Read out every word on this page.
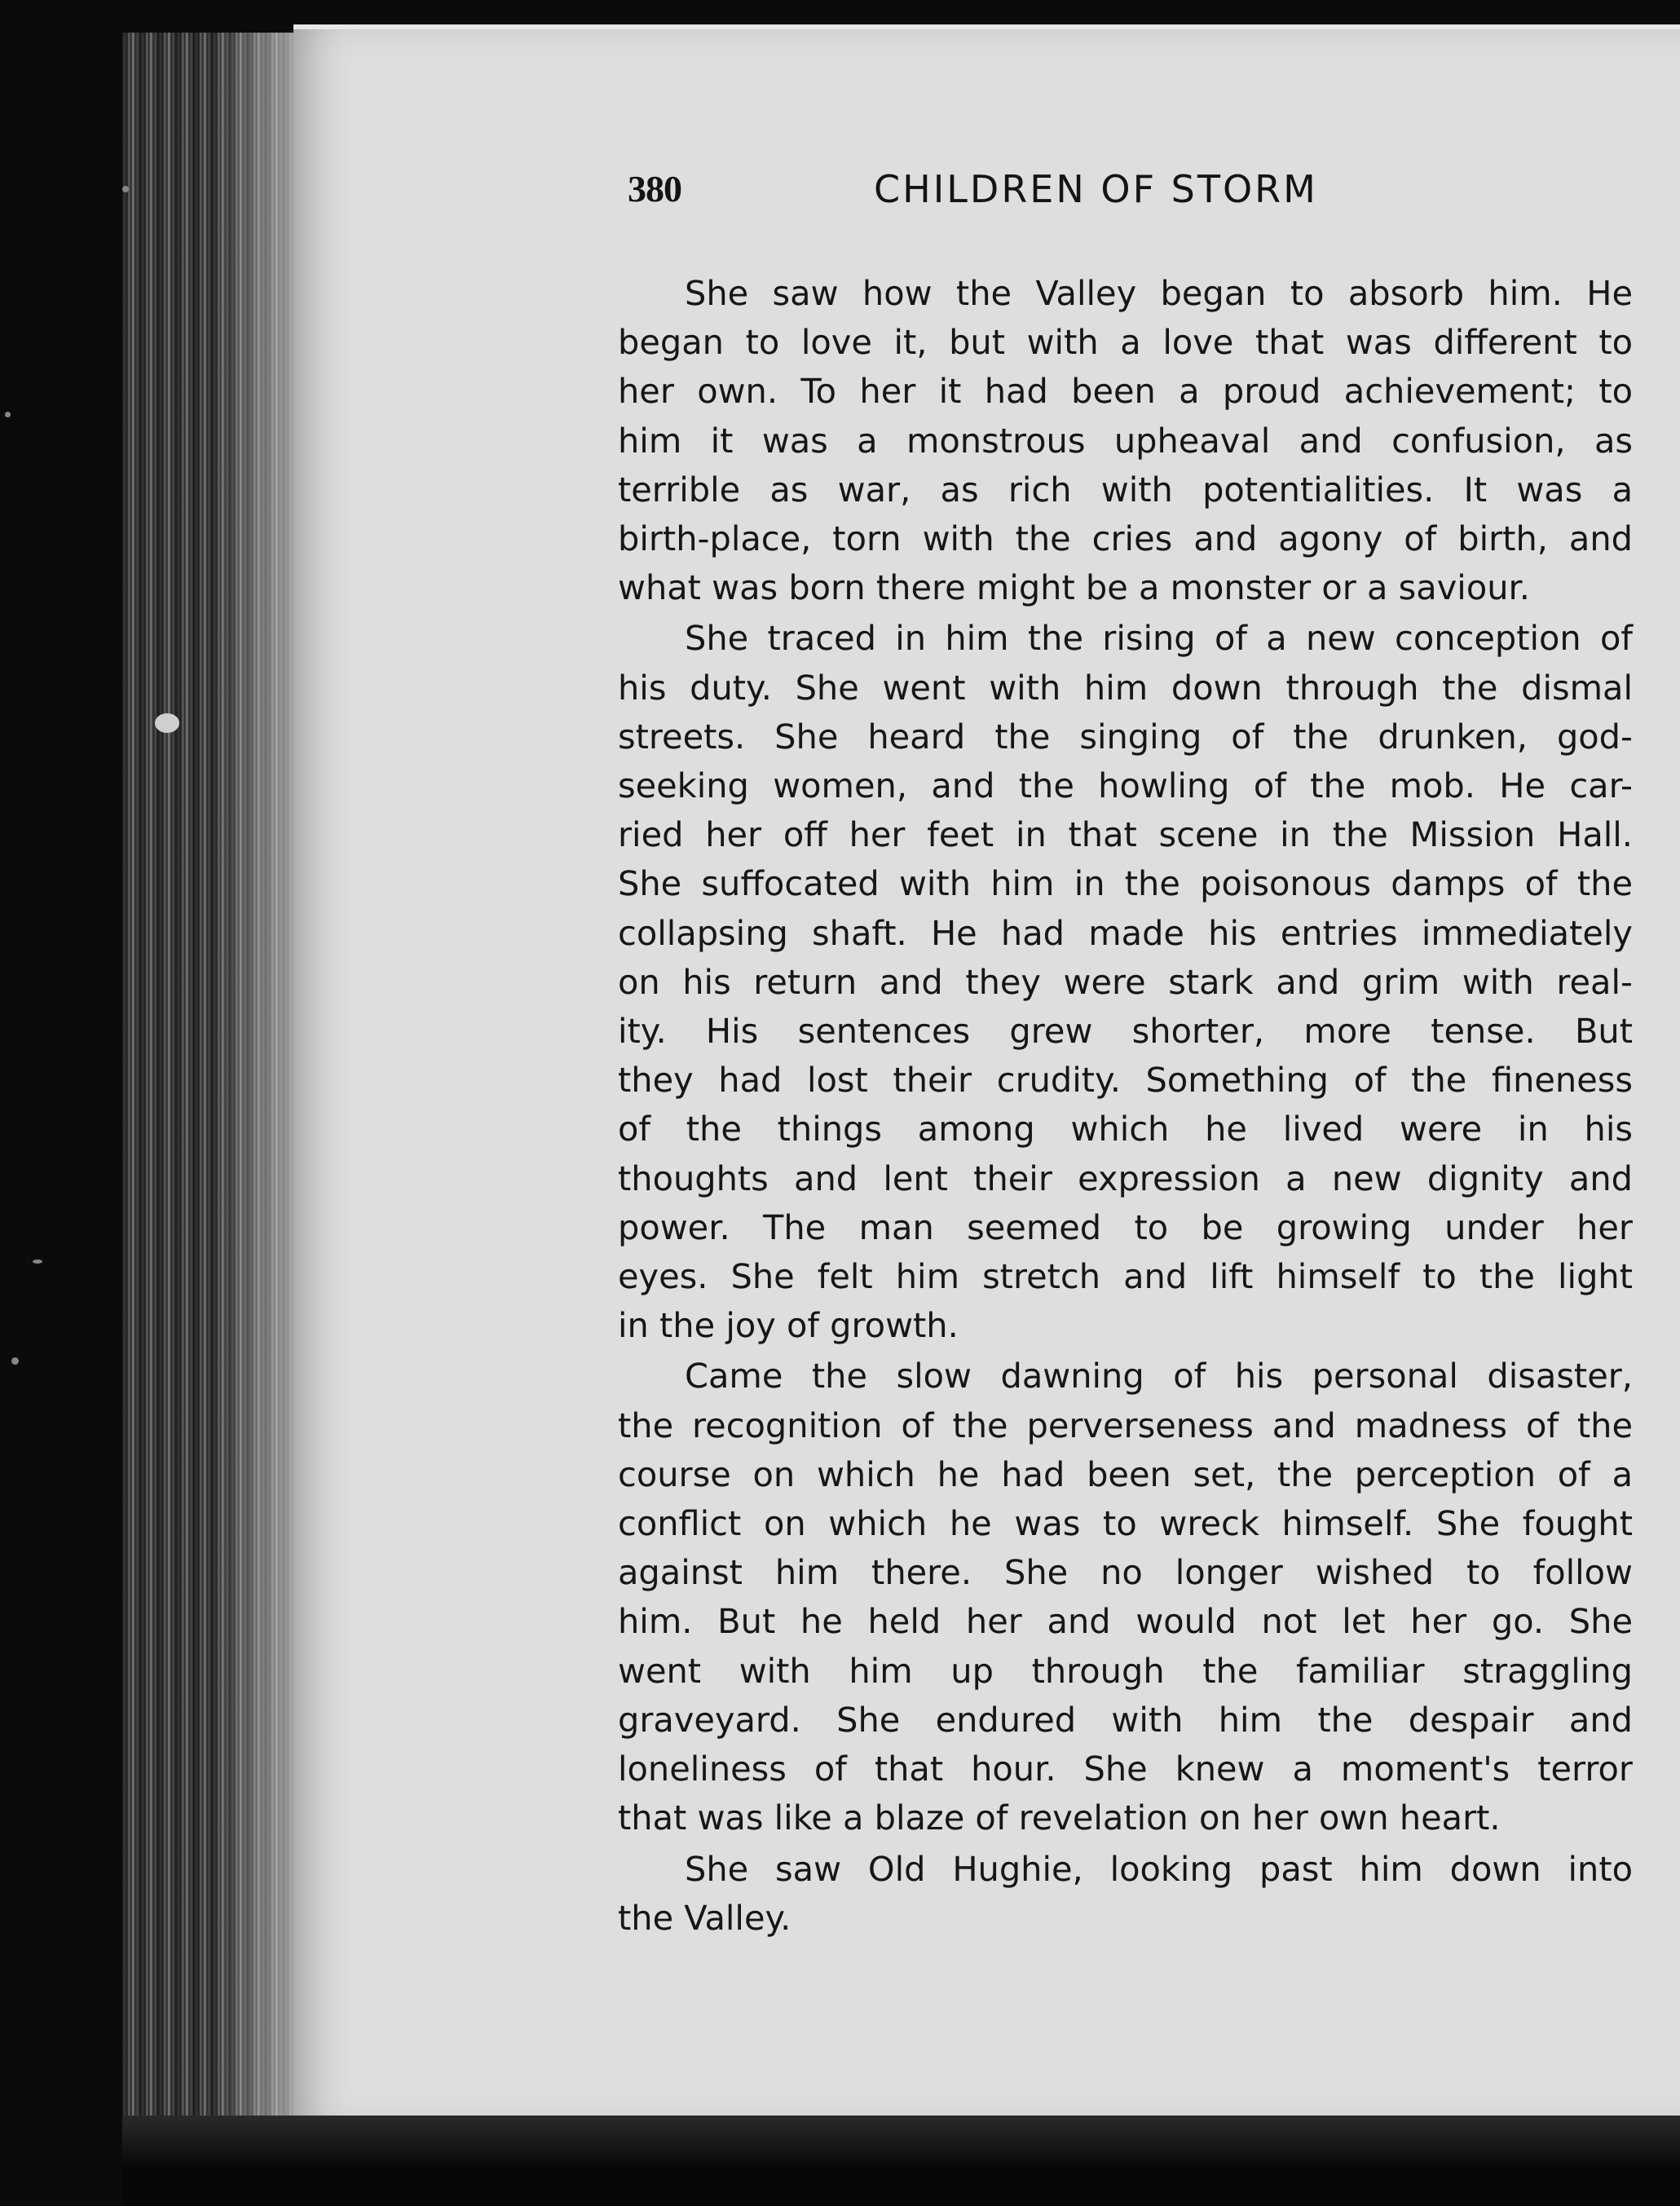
380	CHILDREN OF STORM
She saw how the Valley began to absorb him. He
began to love it, but with a love that was different to
her own. To her it had been a proud achievement; to
him it was a monstrous upheaval and confusion, as
terrible as war, as rich with potentialities. It was a
birth-place, torn with the cries and agony of birth, and
what was born there might be a monster or a saviour.
She traced in him the rising of a new conception of
his duty. She went with him down through the dismal
streets. She heard the singing of the drunken, god-
seeking women, and the howling of the mob. He car-
ried her off her feet in that scene in the Mission Hall.
She suffocated with him in the poisonous damps of the
collapsing shaft. He had made his entries immediately
on his return and they were stark and grim with real-
ity. His sentences grew shorter, more tense. But
they had lost their crudity. Something of the fineness
of the things among which he lived were in his
thoughts and lent their expression a new dignity and
power. The man seemed to be growing under her
eyes. She felt him stretch and lift himself to the light
in the joy of growth.
Came the slow dawning of his personal disaster,
the recognition of the perverseness and madness of the
course on which he had been set, the perception of a
conflict on which he was to wreck himself. She fought
against him there. She no longer wished to follow
him. But he held her and would not let her go. She
went with him up through the familiar straggling
graveyard. She endured with him the despair and
loneliness of that hour. She knew a moment's terror
that was like a blaze of revelation on her own heart.
She saw Old Hughie, looking past him down into
the Valley.
